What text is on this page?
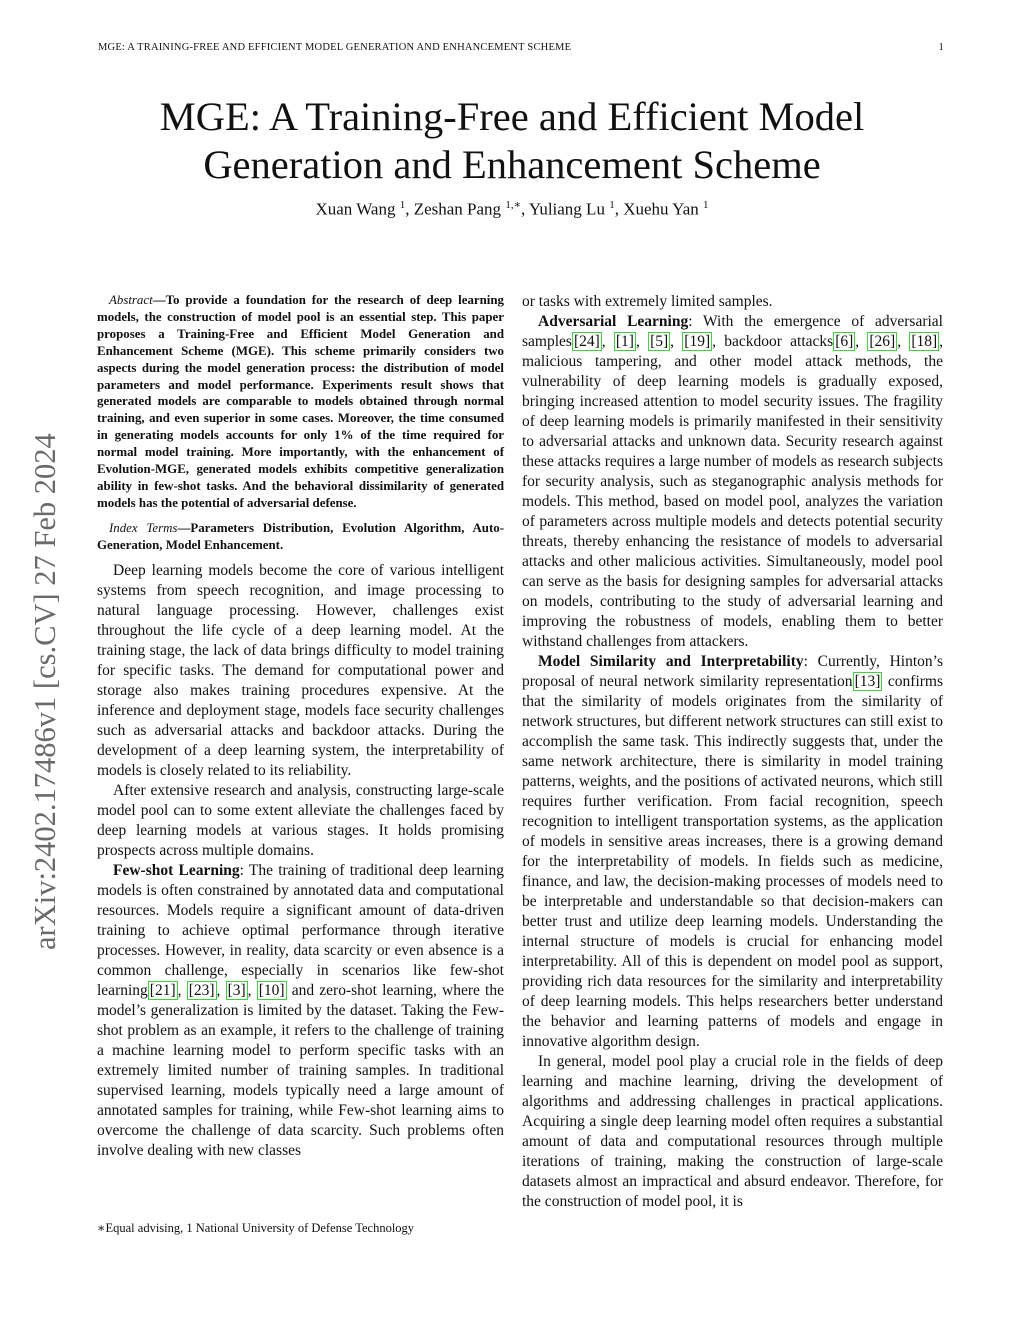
MGE: A TRAINING-FREE AND EFFICIENT MODEL GENERATION AND ENHANCEMENT SCHEME	1
arXiv:2402.17486v1 [cs.CV] 27 Feb 2024
MGE: A Training-Free and Efficient Model
Generation and Enhancement Scheme
Xuan Wang $^1$, Zeshan Pang $^{1,∗}$, Yuliang Lu $^1$, Xuehu Yan $^1$

Abstract—To provide a foundation for the research of deep learning models, the construction of model pool is an essential step. This paper proposes a Training-Free and Efficient Model Generation and Enhancement Scheme (MGE). This scheme primarily considers two aspects during the model generation process: the distribution of model parameters and model performance. Experiments result shows that generated models are comparable to models obtained through normal training, and even superior in some cases. Moreover, the time consumed in generating models accounts for only 1% of the time required for normal model training. More importantly, with the enhancement of Evolution-MGE, generated models exhibits competitive generalization ability in few-shot tasks. And the behavioral dissimilarity of generated models has the potential of adversarial defense.

Index Terms—Parameters Distribution, Evolution Algorithm, Auto-Generation, Model Enhancement.

Deep learning models become the core of various intelligent systems from speech recognition, and image processing to natural language processing. However, challenges exist throughout the life cycle of a deep learning model. At the training stage, the lack of data brings difficulty to model training for specific tasks. The demand for computational power and storage also makes training procedures expensive. At the inference and deployment stage, models face security challenges such as adversarial attacks and backdoor attacks. During the development of a deep learning system, the interpretability of models is closely related to its reliability.

After extensive research and analysis, constructing large-scale model pool can to some extent alleviate the challenges faced by deep learning models at various stages. It holds promising prospects across multiple domains.

Few-shot Learning: The training of traditional deep learning models is often constrained by annotated data and computational resources. Models require a significant amount of data-driven training to achieve optimal performance through iterative processes. However, in reality, data scarcity or even absence is a common challenge, especially in scenarios like few-shot learning [21] , [23] , [3] , [10] and zero-shot learning, where the model’s generalization is limited by the dataset. Taking the Few-shot problem as an example, it refers to the challenge of training a machine learning model to perform specific tasks with an extremely limited number of training samples. In traditional supervised learning, models typically need a large amount of annotated samples for training, while Few-shot learning aims to overcome the challenge of data scarcity. Such problems often involve dealing with new classes

or tasks with extremely limited samples.

Adversarial Learning: With the emergence of adversarial samples [24] , [1] , [5] , [19] , backdoor attacks [6] , [26] , [18] , malicious tampering, and other model attack methods, the vulnerability of deep learning models is gradually exposed, bringing increased attention to model security issues. The fragility of deep learning models is primarily manifested in their sensitivity to adversarial attacks and unknown data. Security research against these attacks requires a large number of models as research subjects for security analysis, such as steganographic analysis methods for models. This method, based on model pool, analyzes the variation of parameters across multiple models and detects potential security threats, thereby enhancing the resistance of models to adversarial attacks and other malicious activities. Simultaneously, model pool can serve as the basis for designing samples for adversarial attacks on models, contributing to the study of adversarial learning and improving the robustness of models, enabling them to better withstand challenges from attackers.

Model Similarity and Interpretability: Currently, Hinton’s proposal of neural network similarity representation [13] confirms that the similarity of models originates from the similarity of network structures, but different network structures can still exist to accomplish the same task. This indirectly suggests that, under the same network architecture, there is similarity in model training patterns, weights, and the positions of activated neurons, which still requires further verification. From facial recognition, speech recognition to intelligent transportation systems, as the application of models in sensitive areas increases, there is a growing demand for the interpretability of models. In fields such as medicine, finance, and law, the decision-making processes of models need to be interpretable and understandable so that decision-makers can better trust and utilize deep learning models. Understanding the internal structure of models is crucial for enhancing model interpretability. All of this is dependent on model pool as support, providing rich data resources for the similarity and interpretability of deep learning models. This helps researchers better understand the behavior and learning patterns of models and engage in innovative algorithm design.

In general, model pool play a crucial role in the fields of deep learning and machine learning, driving the development of algorithms and addressing challenges in practical applications. Acquiring a single deep learning model often requires a substantial amount of data and computational resources through multiple iterations of training, making the construction of large-scale datasets almost an impractical and absurd endeavor. Therefore, for the construction of model pool, it is

∗Equal advising, 1 National University of Defense Technology
